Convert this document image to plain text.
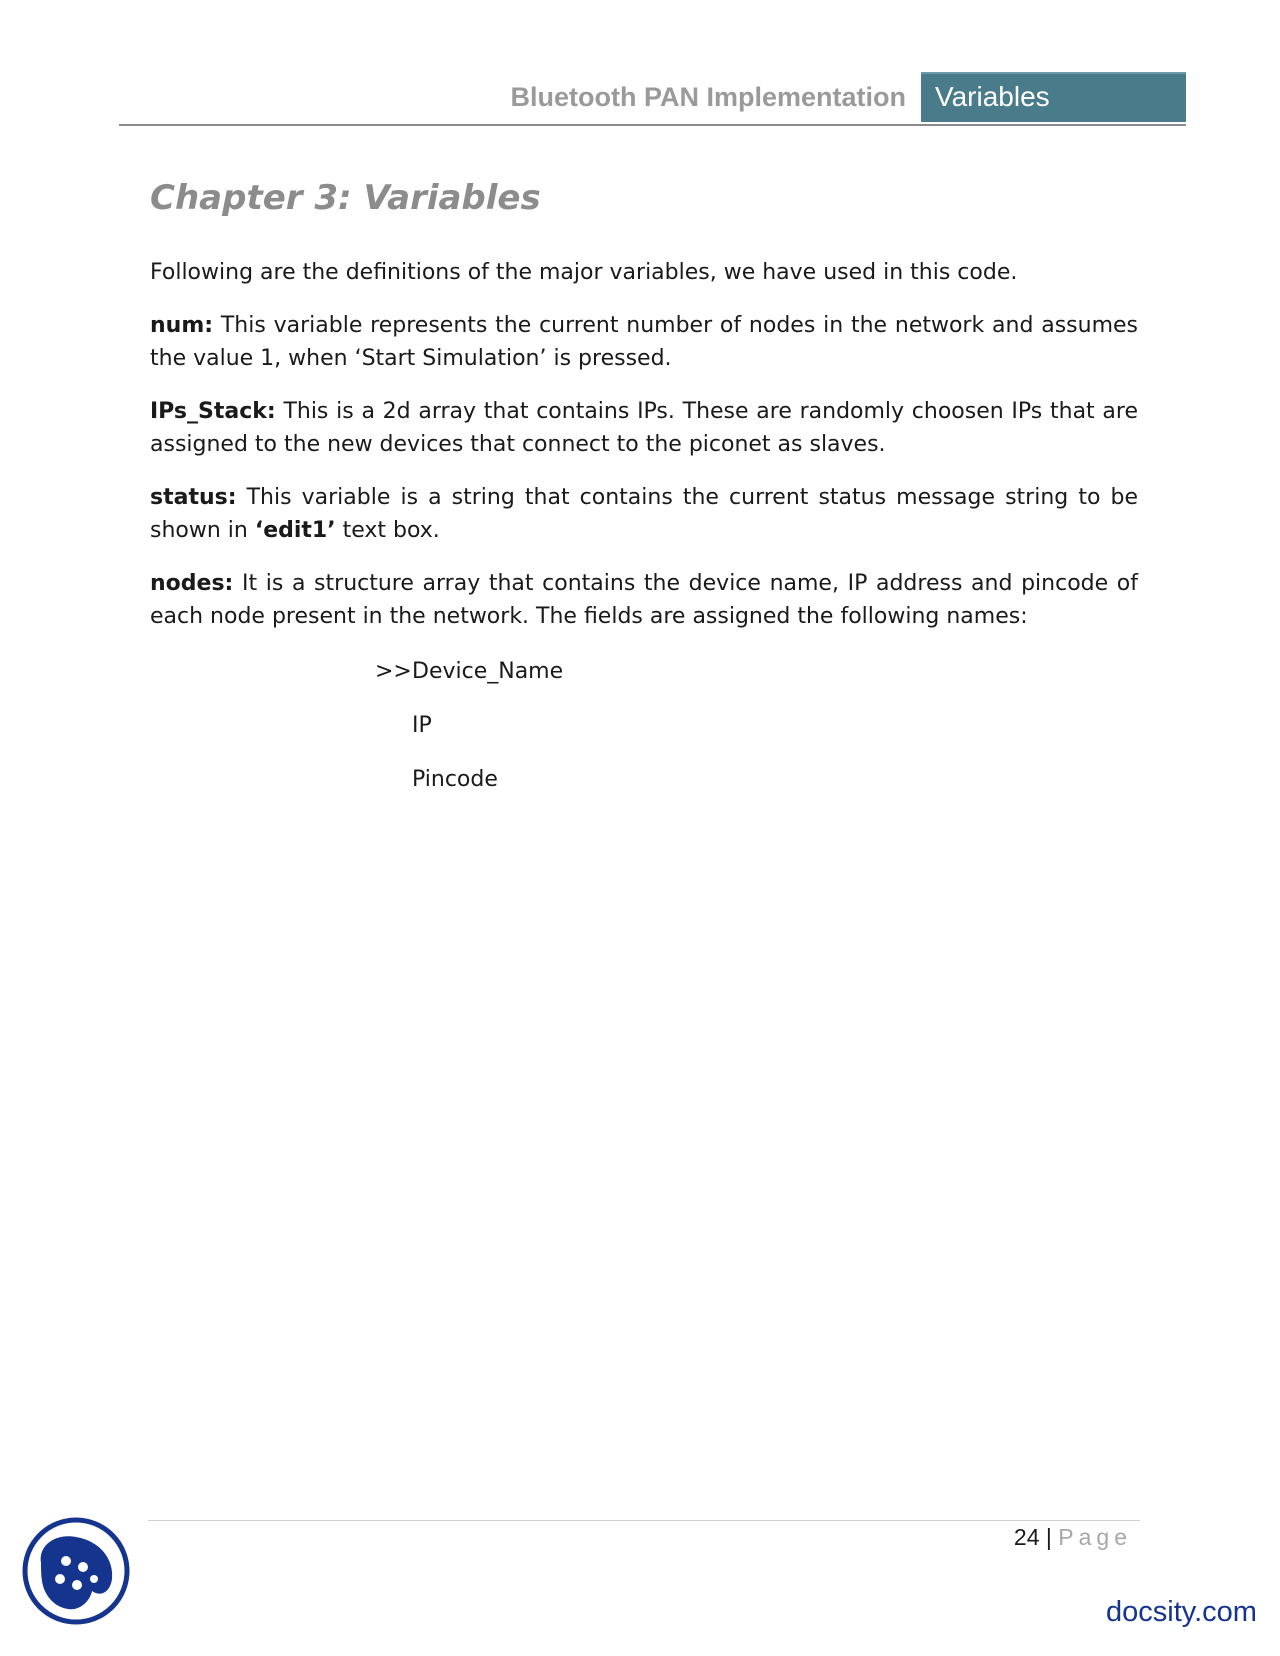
Bluetooth PAN Implementation	Variables
Chapter 3: Variables

Following are the definitions of the major variables, we have used in this code.

num: This variable represents the current number of nodes in the network and assumes the value 1, when ‘Start Simulation’ is pressed.

IPs_Stack: This is a 2d array that contains IPs. These are randomly choosen IPs that are assigned to the new devices that connect to the piconet as slaves.

status: This variable is a string that contains the current status message string to be shown in ‘edit1’ text box.

nodes: It is a structure array that contains the device name, IP address and pincode of each node present in the network. The fields are assigned the following names:

>> Device_Name
IP
Pincode
24 | Page
docsity.com
